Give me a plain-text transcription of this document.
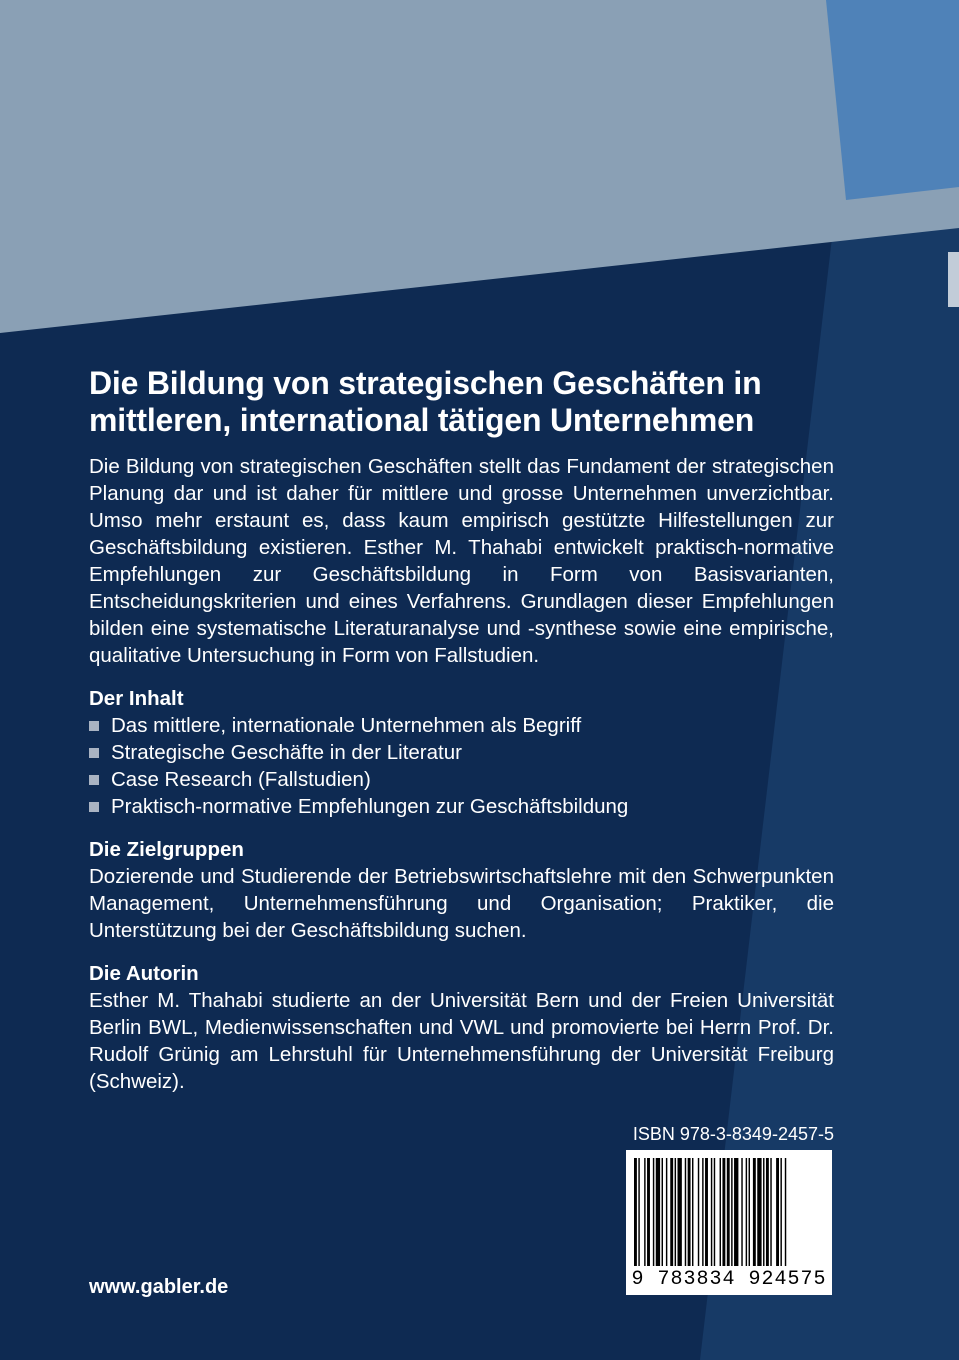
Die Bildung von strategischen Geschäften in
mittleren, international tätigen Unternehmen

Die Bildung von strategischen Geschäften stellt das Fundament der strategischen Planung dar und ist daher für mittlere und grosse Unternehmen unverzichtbar. Umso mehr erstaunt es, dass kaum empirisch gestützte Hilfestellungen zur Geschäftsbildung existieren. Esther M. Thahabi entwickelt praktisch-normative Empfehlungen zur Geschäftsbildung in Form von Basisvarianten, Entscheidungskriterien und eines Verfahrens. Grundlagen dieser Empfehlungen bilden eine systematische Literaturanalyse und -synthese sowie eine empirische, qualitative Untersuchung in Form von Fallstudien.

Der Inhalt
Das mittlere, internationale Unternehmen als Begriff
Strategische Geschäfte in der Literatur
Case Research (Fallstudien)
Praktisch-normative Empfehlungen zur Geschäftsbildung
Die Zielgruppen

Dozierende und Studierende der Betriebswirtschaftslehre mit den Schwerpunkten Management, Unternehmensführung und Organisation; Praktiker, die Unterstützung bei der Geschäftsbildung suchen.

Die Autorin

Esther M. Thahabi studierte an der Universität Bern und der Freien Universität Berlin BWL, Medienwissenschaften und VWL und promovierte bei Herrn Prof. Dr. Rudolf Grünig am Lehrstuhl für Unternehmensführung der Universität Freiburg (Schweiz).

ISBN 978-3-8349-2457-5
9 783834 924575
www.gabler.de
